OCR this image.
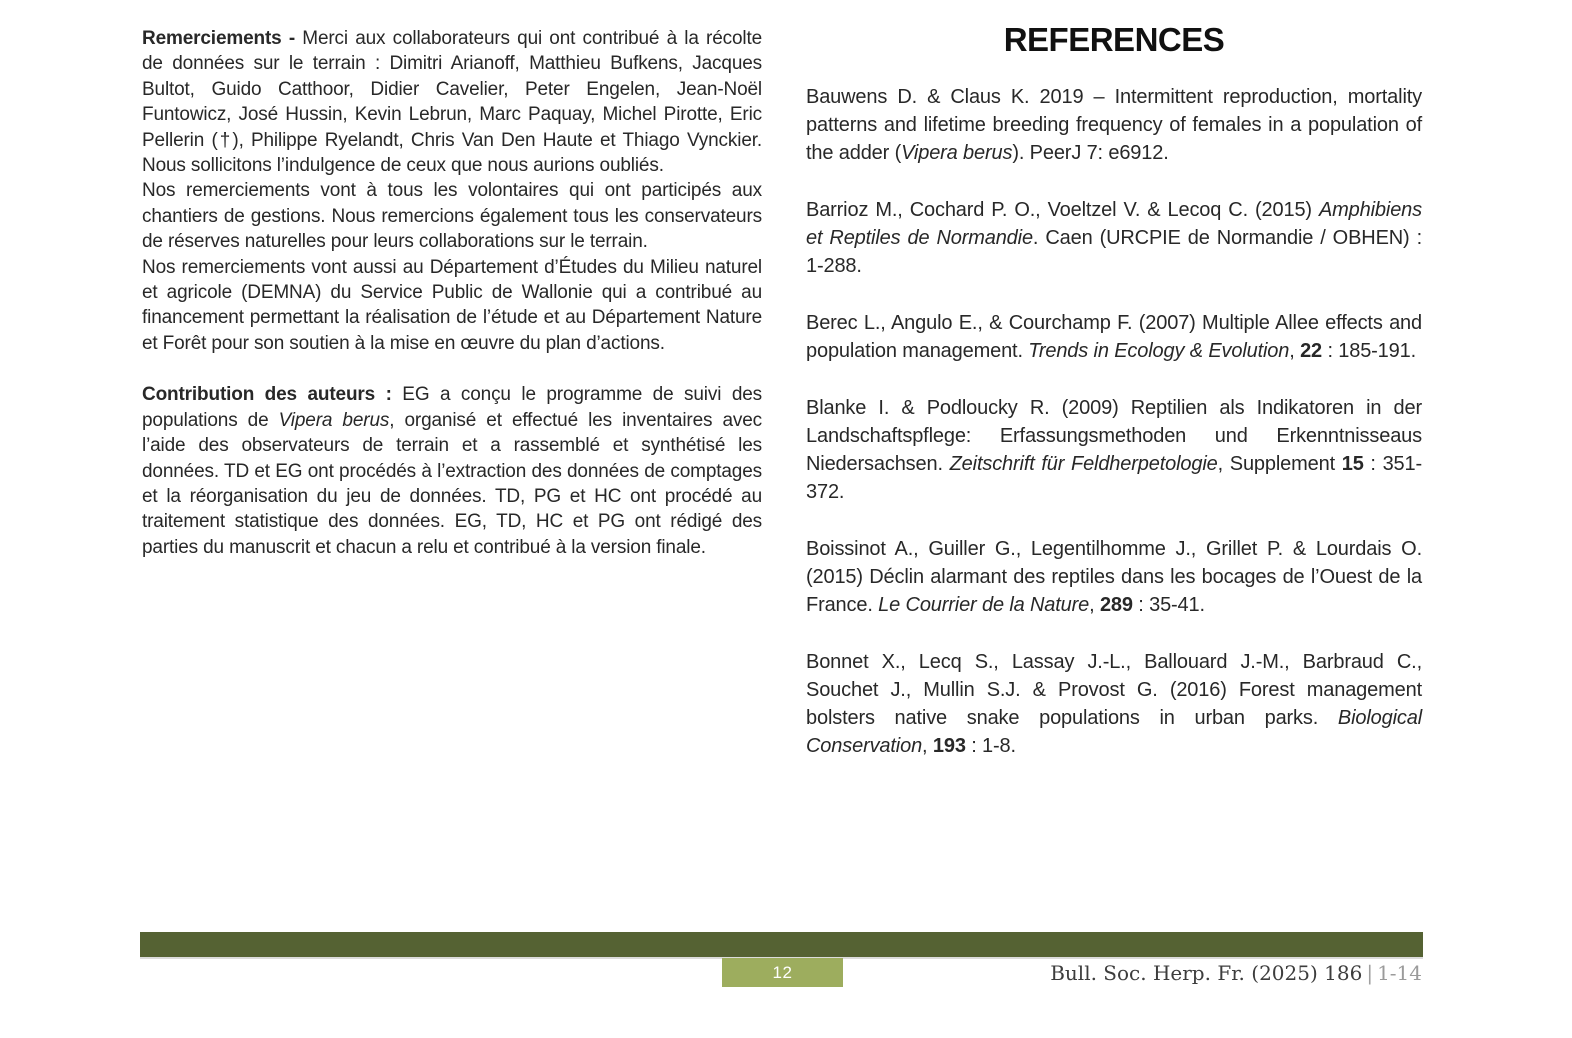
Remerciements - Merci aux collaborateurs qui ont contribué à la récolte de données sur le terrain : Dimitri Arianoff, Matthieu Bufkens, Jacques Bultot, Guido Catthoor, Didier Cavelier, Peter Engelen, Jean-Noël Funtowicz, José Hussin, Kevin Lebrun, Marc Paquay, Michel Pirotte, Eric Pellerin (†), Philippe Ryelandt, Chris Van Den Haute et Thiago Vynckier. Nous sollicitons l’indulgence de ceux que nous aurions oubliés.

Nos remerciements vont à tous les volontaires qui ont participés aux chantiers de gestions. Nous remercions également tous les conservateurs de réserves naturelles pour leurs collaborations sur le terrain.

Nos remerciements vont aussi au Département d’Études du Milieu naturel et agricole (DEMNA) du Service Public de Wallonie qui a contribué au financement permettant la réalisation de l’étude et au Département Nature et Forêt pour son soutien à la mise en œuvre du plan d’actions.

Contribution des auteurs : EG a conçu le programme de suivi des populations de Vipera berus, organisé et effectué les inventaires avec l’aide des observateurs de terrain et a rassemblé et synthétisé les données. TD et EG ont procédés à l’extraction des données de comptages et la réorganisation du jeu de données. TD, PG et HC ont procédé au traitement statistique des données. EG, TD, HC et PG ont rédigé des parties du manuscrit et chacun a relu et contribué à la version finale.

REFERENCES

Bauwens D. & Claus K. 2019 – Intermittent reproduction, mortality patterns and lifetime breeding frequency of females in a population of the adder (Vipera berus). PeerJ 7: e6912.

Barrioz M., Cochard P. O., Voeltzel V. & Lecoq C. (2015) Amphibiens et Reptiles de Normandie. Caen (URCPIE de Normandie / OBHEN) : 1-288.

Berec L., Angulo E., & Courchamp F. (2007) Multiple Allee effects and population management. Trends in Ecology & Evolution, 22 : 185-191.

Blanke I. & Podloucky R. (2009) Reptilien als Indikatoren in der Landschaftspflege: Erfassungsmethoden und Erkenntnisseaus Niedersachsen. Zeitschrift für Feldherpetologie, Supplement 15 : 351-372.

Boissinot A., Guiller G., Legentilhomme J., Grillet P. & Lourdais O. (2015) Déclin alarmant des reptiles dans les bocages de l’Ouest de la France. Le Courrier de la Nature, 289 : 35-41.

Bonnet X., Lecq S., Lassay J.-L., Ballouard J.-M., Barbraud C., Souchet J., Mullin S.J. & Provost G. (2016) Forest management bolsters native snake populations in urban parks. Biological Conservation, 193 : 1-8.

12	Bull. Soc. Herp. Fr. (2025) 186 | 1-14
